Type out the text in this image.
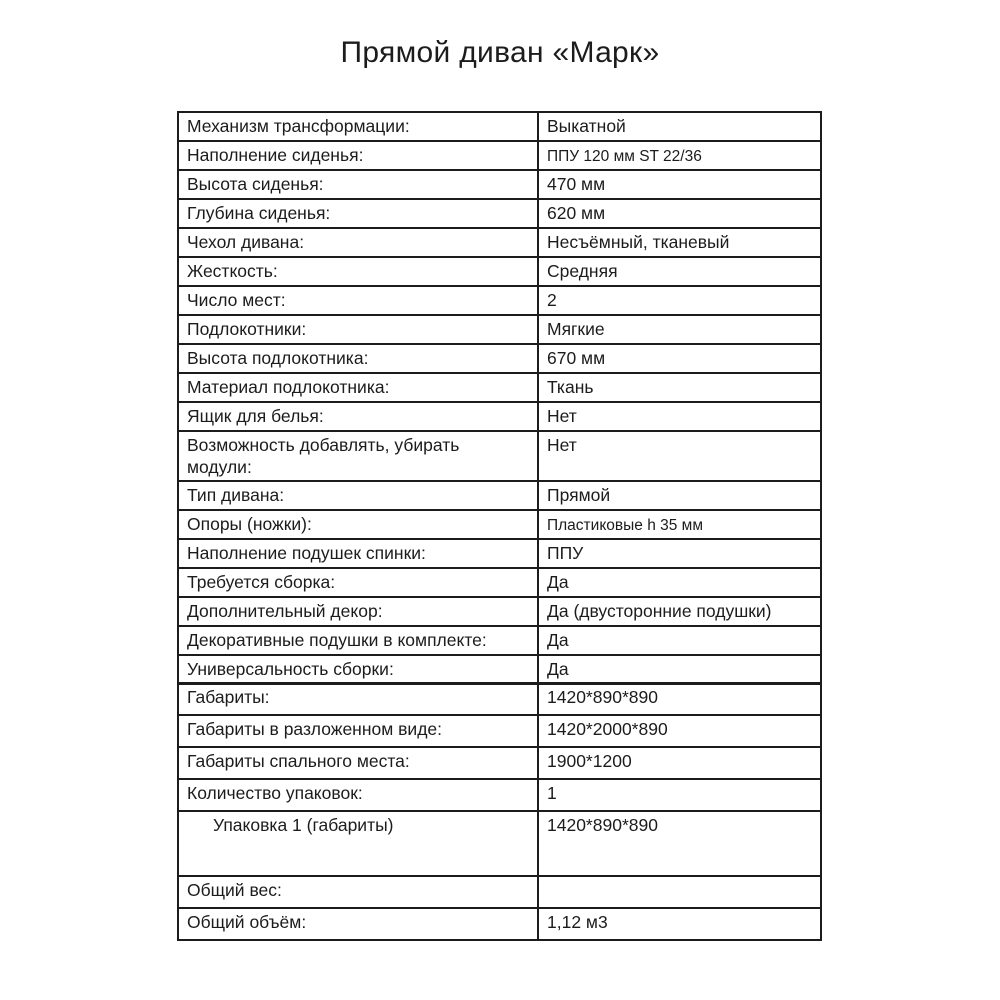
Прямой диван «Марк»
Механизм трансформации:	Выкатной
Наполнение сиденья:	ППУ 120 мм ST 22/36
Высота сиденья:	470 мм
Глубина сиденья:	620 мм
Чехол дивана:	Несъёмный, тканевый
Жесткость:	Средняя
Число мест:	2
Подлокотники:	Мягкие
Высота подлокотника:	670 мм
Материал подлокотника:	Ткань
Ящик для белья:	Нет
Возможность добавлять, убирать модули:	Нет
Тип дивана:	Прямой
Опоры (ножки):	Пластиковые h 35 мм
Наполнение подушек спинки:	ППУ
Требуется сборка:	Да
Дополнительный декор:	Да (двусторонние подушки)
Декоративные подушки в комплекте:	Да
Универсальность сборки:	Да
Габариты:	1420*890*890
Габариты в разложенном виде:	1420*2000*890
Габариты спального места:	1900*1200
Количество упаковок:	1
Упаковка 1 (габариты)	1420*890*890
Общий вес:	
Общий объём:	1,12 м3
